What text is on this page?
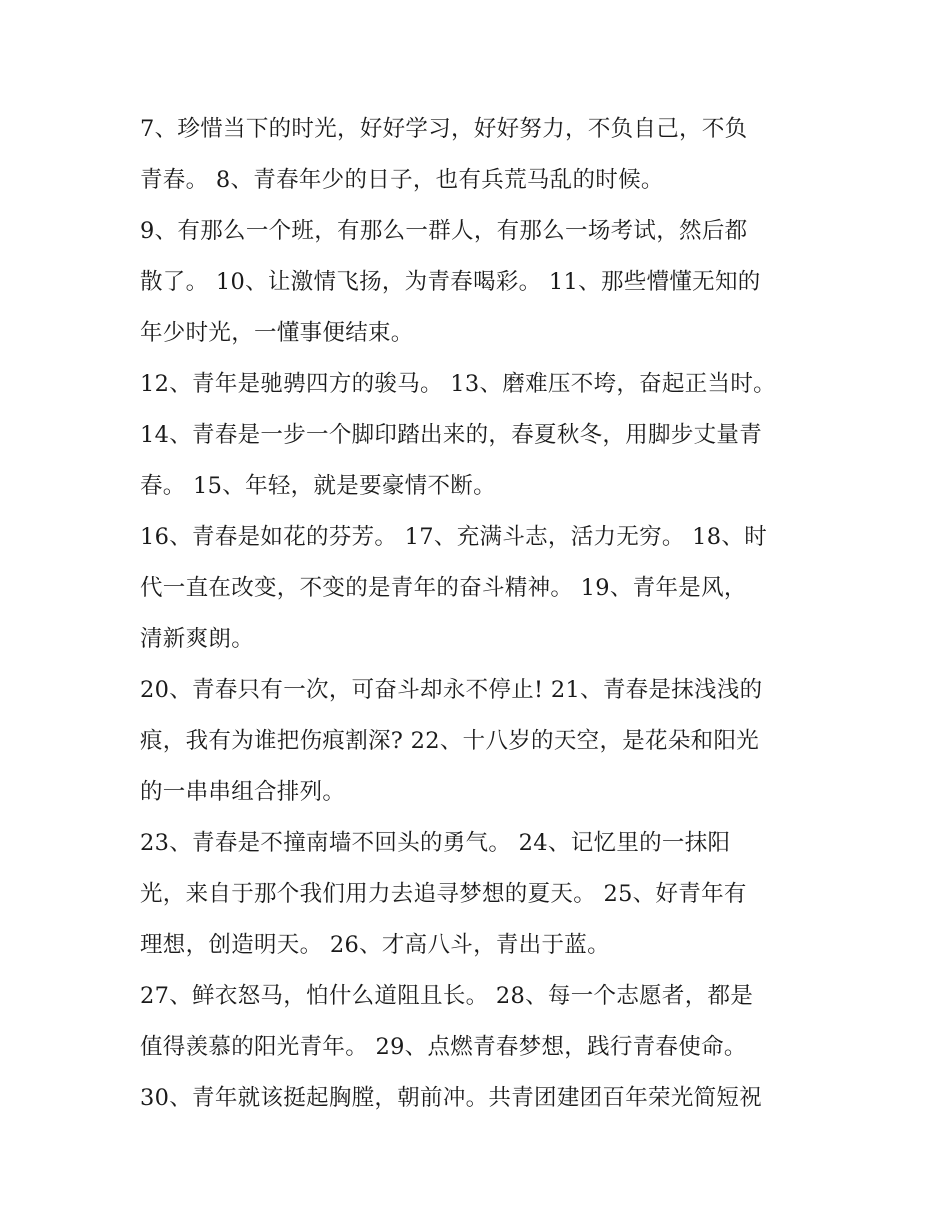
7、珍惜当下的时光，好好学习，好好努力，不负自己，不负
青春。 8、青春年少的日子，也有兵荒马乱的时候。
9、有那么一个班，有那么一群人，有那么一场考试，然后都
散了。 10、让激情飞扬，为青春喝彩。 11、那些懵懂无知的
年少时光，一懂事便结束。
12、青年是驰骋四方的骏马。 13、磨难压不垮，奋起正当时。
14、青春是一步一个脚印踏出来的，春夏秋冬，用脚步丈量青
春。 15、年轻，就是要豪情不断。
16、青春是如花的芬芳。 17、充满斗志，活力无穷。 18、时
代一直在改变，不变的是青年的奋斗精神。 19、青年是风，
清新爽朗。
20、青春只有一次，可奋斗却永不停止! 21、青春是抹浅浅的
痕，我有为谁把伤痕割深? 22、十八岁的天空，是花朵和阳光
的一串串组合排列。
23、青春是不撞南墙不回头的勇气。 24、记忆里的一抹阳
光，来自于那个我们用力去追寻梦想的夏天。 25、好青年有
理想，创造明天。 26、才高八斗，青出于蓝。
27、鲜衣怒马，怕什么道阻且长。 28、每一个志愿者，都是
值得羡慕的阳光青年。 29、点燃青春梦想，践行青春使命。
30、青年就该挺起胸膛，朝前冲。共青团建团百年荣光简短祝
